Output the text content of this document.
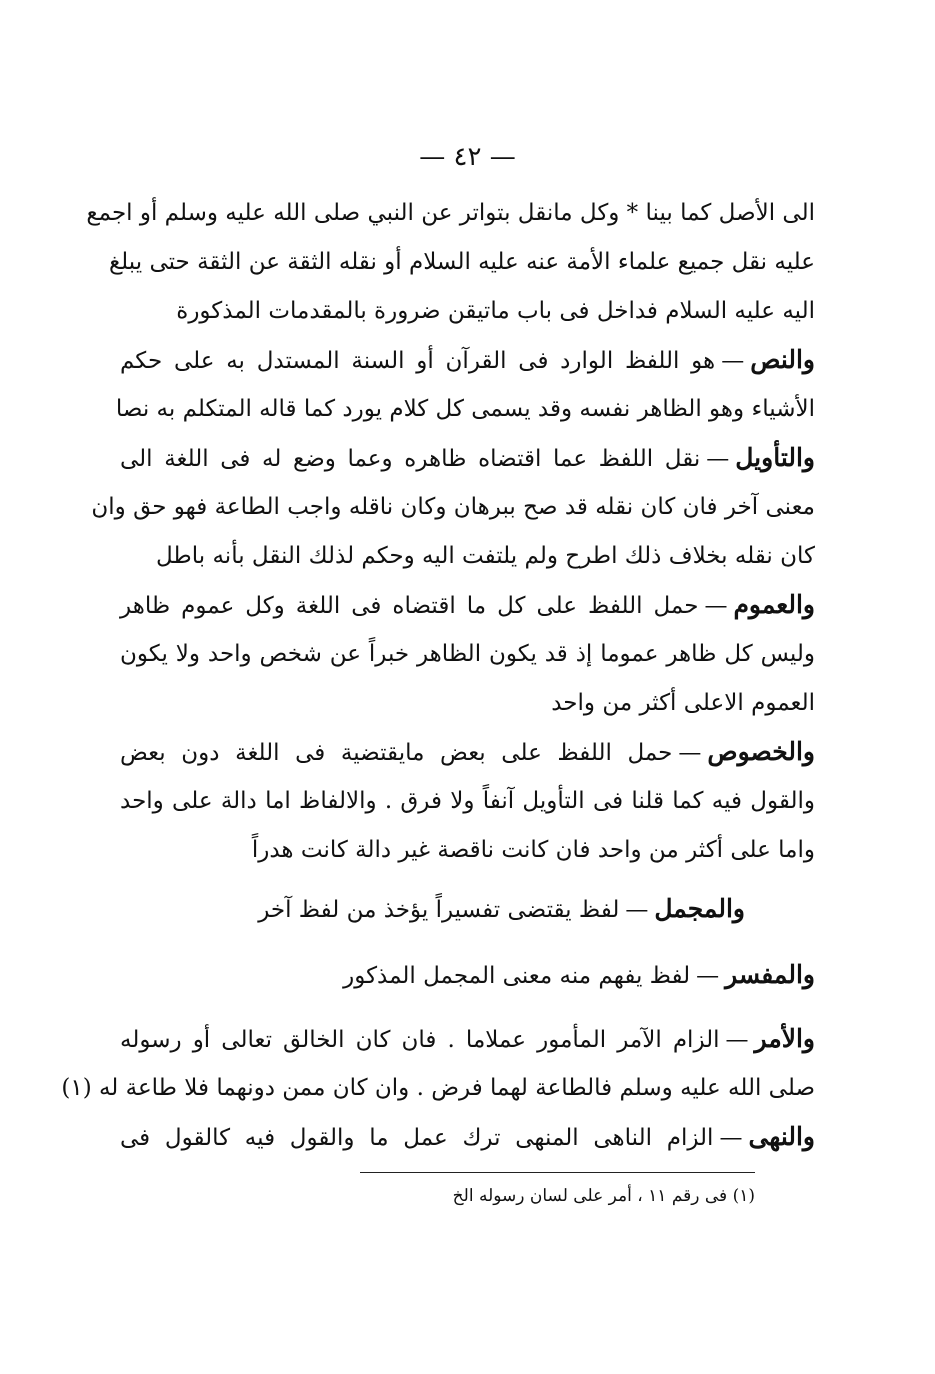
— ٤٢ —
الى الأصل كما بينا * وكل مانقل بتواتر عن النبي صلى الله عليه وسلم أو اجمع
عليه نقل جميع علماء الأمة عنه عليه السلام أو نقله الثقة عن الثقة حتى يبلغ
اليه عليه السلام فداخل فى باب ماتيقن ضرورة بالمقدمات المذكورة
والنص—هو اللفظ الوارد فى القرآن أو السنة المستدل به على حكم
الأشياء وهو الظاهر نفسه وقد يسمى كل كلام يورد كما قاله المتكلم به نصا
والتأويل—نقل اللفظ عما اقتضاه ظاهره وعما وضع له فى اللغة الى
معنى آخر فان كان نقله قد صح ببرهان وكان ناقله واجب الطاعة فهو حق وان
كان نقله بخلاف ذلك اطرح ولم يلتفت اليه وحكم لذلك النقل بأنه باطل
والعموم—حمل اللفظ على كل ما اقتضاه فى اللغة وكل عموم ظاهر
وليس كل ظاهر عموما إذ قد يكون الظاهر خبراً عن شخص واحد ولا يكون
العموم الاعلى أكثر من واحد
والخصوص—حمل اللفظ على بعض مايقتضية فى اللغة دون بعض
والقول فيه كما قلنا فى التأويل آنفاً ولا فرق . والالفاظ اما دالة على واحد
واما على أكثر من واحد فان كانت ناقصة غير دالة كانت هدراً
والمجمل—لفظ يقتضى تفسيراً يؤخذ من لفظ آخر
والمفسر—لفظ يفهم منه معنى المجمل المذكور
والأمر—الزام الآمر المأمور عملاما . فان كان الخالق تعالى أو رسوله
صلى الله عليه وسلم فالطاعة لهما فرض . وان كان ممن دونهما فلا طاعة له (١)
والنهى—الزام الناهى المنهى ترك عمل ما والقول فيه كالقول فى
(١) فى رقم ١١ ، أمر على لسان رسوله الخ
